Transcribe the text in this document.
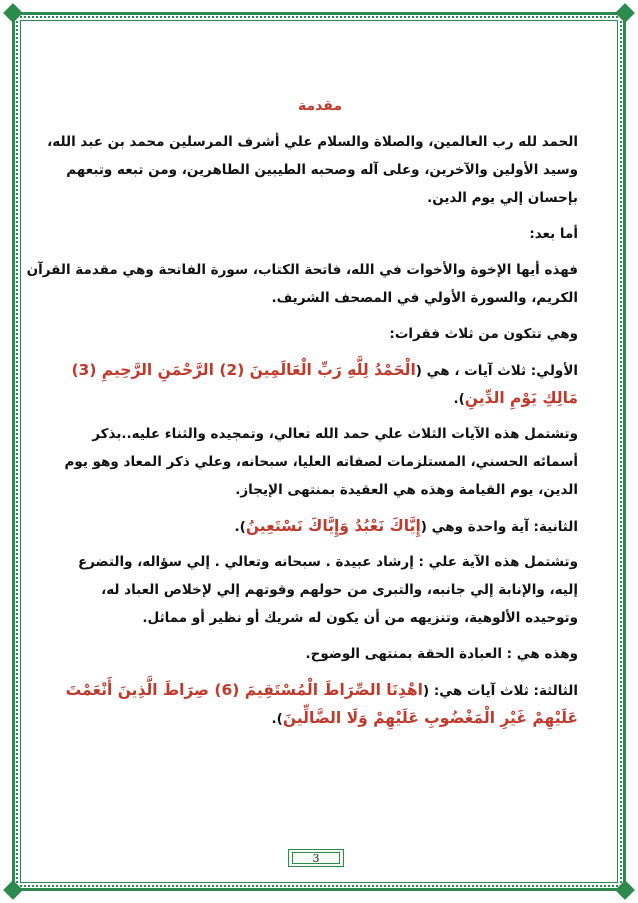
مقدمة
الحمد لله رب العالمين، والصلاة والسلام علي أشرف المرسلين محمد بن عبد الله،
وسيد الأولين والآخرين، وعلى آله وصحبه الطيبين الطاهرين، ومن تبعه وتبعهم
بإحسان إلي يوم الدين.
أما بعد:
فهذه أيها الإخوة والأخوات في الله، فاتحة الكتاب، سورة الفاتحة وهي مقدمة القرآن
الكريم، والسورة الأولي في المصحف الشريف.
وهي تتكون من ثلاث فقرات:
الأولي: ثلاث آيات ، هي (الْحَمْدُ لِلَّهِ رَبِّ الْعَالَمِينَ (2) الرَّحْمَنِ الرَّحِيمِ (3)
مَالِكِ يَوْمِ الدِّينِ).
وتشتمل هذه الآيات الثلاث علي حمد الله تعالي، وتمجيده والثناء عليه..بذكر
أسمائه الحسني، المستلزمات لصفاته العليا، سبحانه، وعلي ذكر المعاد وهو يوم
الدين، يوم القيامة وهذه هي العقيدة بمنتهى الإيجاز.
الثانية: آية واحدة وهي (إِيَّاكَ نَعْبُدُ وَإِيَّاكَ نَسْتَعِينُ).
وتشتمل هذه الآية علي : إرشاد عبيدة . سبحانه وتعالي . إلي سؤاله، والتضرع
إليه، والإنابة إلي جانبه، والتبرى من حولهم وقوتهم إلي لإخلاص العباد له،
وتوحيده الألوهية، وتنزيهه من أن يكون له شريك أو نظير أو مماثل.
وهذه هي : العبادة الحقة بمنتهى الوضوح.
الثالثة: ثلاث آيات هي: (اهْدِنَا الصِّرَاطَ الْمُسْتَقِيمَ (6) صِرَاطَ الَّذِينَ أَنْعَمْتَ
عَلَيْهِمْ غَيْرِ الْمَغْضُوبِ عَلَيْهِمْ وَلَا الضَّالِّينَ).
3
